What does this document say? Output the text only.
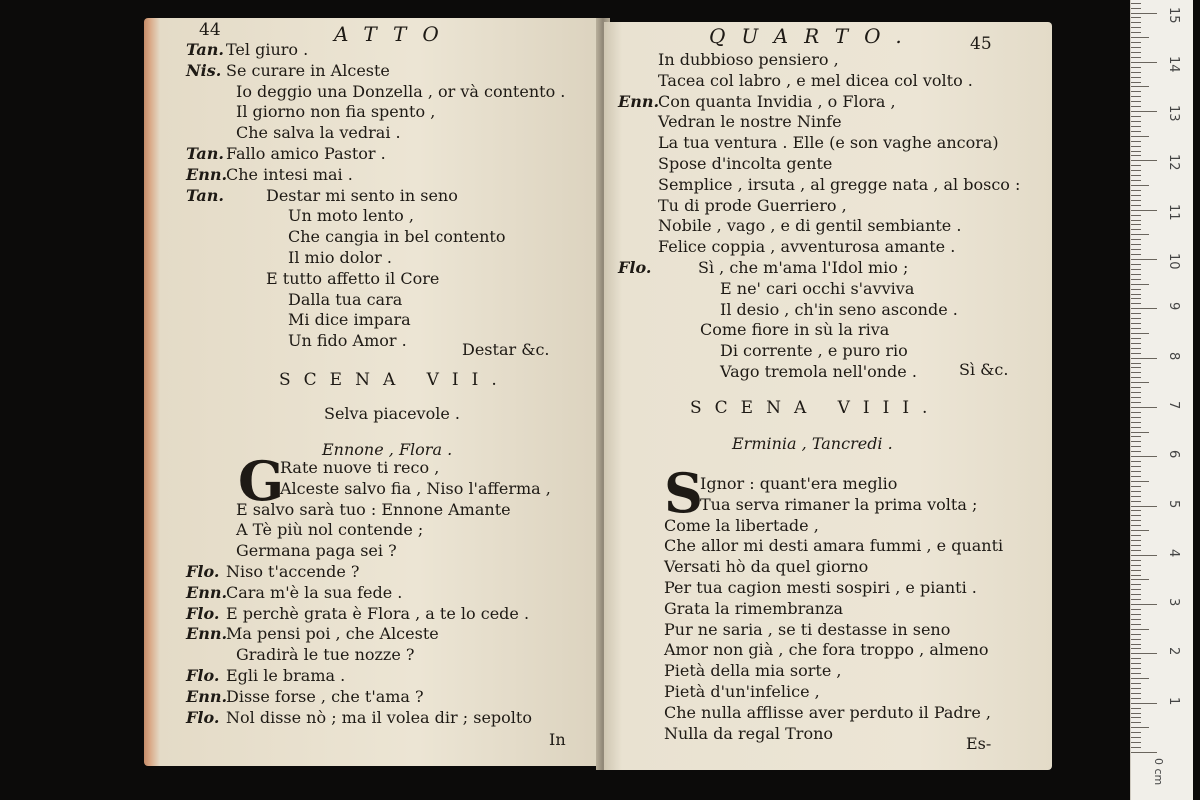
44	ATTO
Tan. Tel giuro .
Nis. Se curare in Alceste
Io deggio una Donzella , or và contento .
Il giorno non fia spento ,
Che salva la vedrai .
Tan. Fallo amico Pastor .
Enn.
Che intesi mai .
Tan.	Destar mi sento in seno
Un moto lento ,
Che cangia in bel contento
Il mio dolor .
E tutto affetto il Core
Dalla tua cara
Mi dice impara
Un fido Amor .	Destar &c.
SCENA VII.
Selva piacevole .
Ennone , Flora .
G
Rate nuove ti reco ,
Alceste salvo fia , Niso l'afferma ,
E salvo sarà tuo : Ennone Amante
A Tè più nol contende ;
Germana paga sei ?
Flo. Niso t'accende ?
Enn.
Cara m'è la sua fede .
Flo. E perchè grata è Flora , a te lo cede .
Enn.
Ma pensi poi , che Alceste
Gradirà le tue nozze ?
Flo. Egli le brama .
Enn.
Disse forse , che t'ama ?
Flo. Nol disse nò ; ma il volea dir ; sepolto
In
QUARTO.	45
In dubbioso pensiero ,
Tacea col labro , e mel dicea col volto .
Enn.
Con quanta Invidia , o Flora ,
Vedran le nostre Ninfe
La tua ventura . Elle (e son vaghe ancora)
Spose d'incolta gente
Semplice , irsuta , al gregge nata , al bosco :
Tu di prode Guerriero ,
Nobile , vago , e di gentil sembiante .
Felice coppia , avventurosa amante .
Flo.	Sì , che m'ama l'Idol mio ;
E ne' cari occhi s'avviva
Il desio , ch'in seno asconde .
Come fiore in sù la riva
Di corrente , e puro rio
Vago tremola nell'onde .	Sì &c.
SCENA VIII.
Erminia , Tancredi .
S
Ignor : quant'era meglio
Tua serva rimaner la prima volta ;
Come la libertade ,
Che allor mi desti amara fummi , e quanti
Versati hò da quel giorno
Per tua cagion mesti sospiri , e pianti .
Grata la rimembranza
Pur ne saria , se ti destasse in seno
Amor non già , che fora troppo , almeno
Pietà della mia sorte ,
Pietà d'un'infelice ,
Che nulla afflisse aver perduto il Padre ,
Nulla da regal Trono
Es-
0 cm
15
14
13
12
11
10
9
8
7
6
5
4
3
2
1
